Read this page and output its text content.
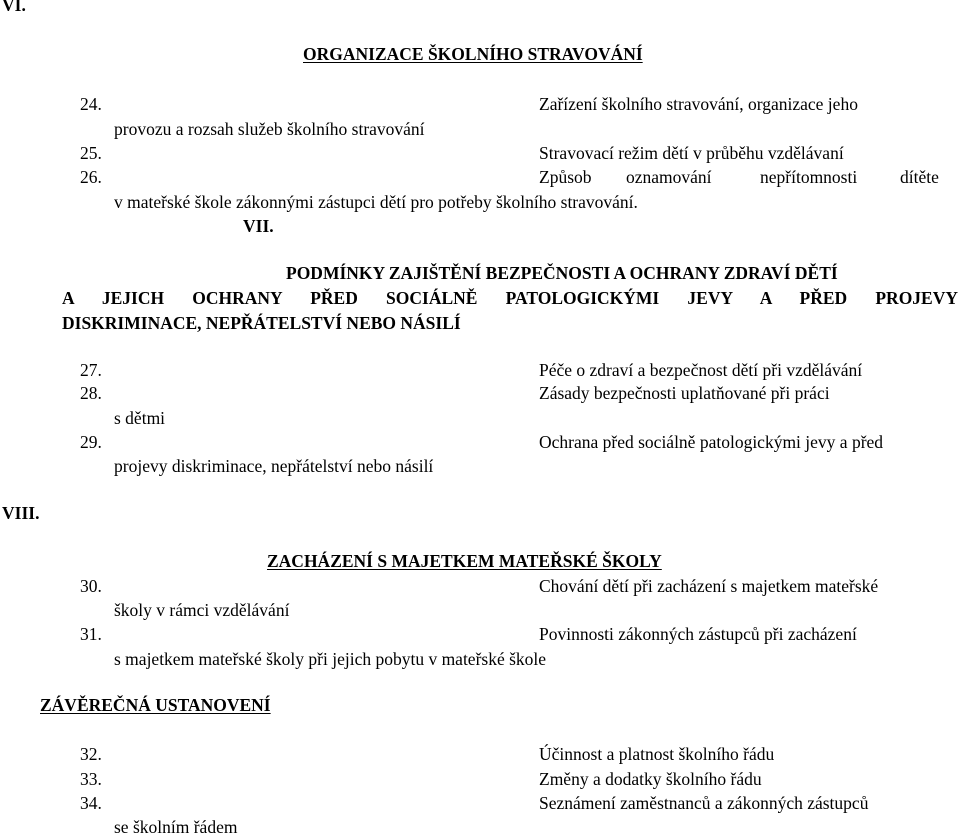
VI.
ORGANIZACE ŠKOLNÍHO STRAVOVÁNÍ
24.	Zařízení školního stravování, organizace jeho
provozu a rozsah služeb školního stravování
25.	Stravovací režim dětí v průběhu vzdělávaní
26.	Způsob oznamování	nepřítomnosti dítěte
v mateřské škole zákonnými zástupci dětí pro potřeby školního stravování.
VII.
PODMÍNKY ZAJIŠTĚNÍ BEZPEČNOSTI A OCHRANY ZDRAVÍ DĚTÍ
A JEJICH OCHRANY PŘED SOCIÁLNĚ PATOLOGICKÝMI JEVY A PŘED PROJEVY
DISKRIMINACE, NEPŘÁTELSTVÍ NEBO NÁSILÍ
27.	Péče o zdraví a bezpečnost dětí při vzdělávání
28.	Zásady bezpečnosti uplatňované při práci
s dětmi
29.	Ochrana před sociálně patologickými jevy a před
projevy diskriminace, nepřátelství nebo násilí
VIII.
ZACHÁZENÍ S MAJETKEM MATEŘSKÉ ŠKOLY
30.	Chování dětí při zacházení s majetkem mateřské
školy v rámci vzdělávání
31.	Povinnosti zákonných zástupců při zacházení
s majetkem mateřské školy při jejich pobytu v mateřské škole
ZÁVĚREČNÁ USTANOVENÍ
32.	Účinnost a platnost školního řádu
33.	Změny a dodatky školního řádu
34.	Seznámení zaměstnanců a zákonných zástupců
se školním řádem
